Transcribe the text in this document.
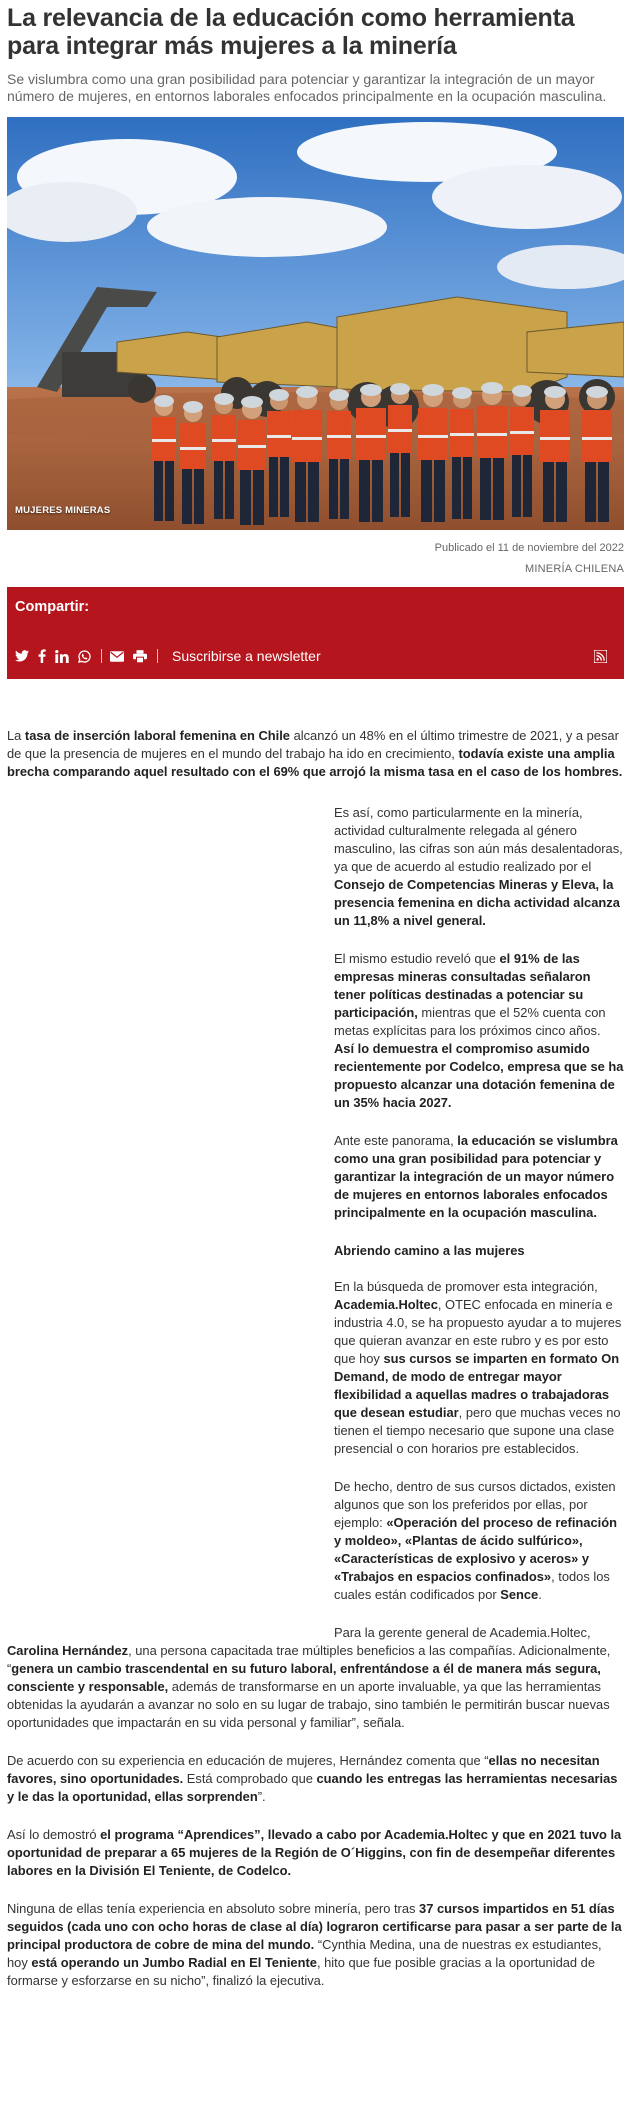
La relevancia de la educación como herramienta para integrar más mujeres a la minería

Se vislumbra como una gran posibilidad para potenciar y garantizar la integración de un mayor número de mujeres, en entornos laborales enfocados principalmente en la ocupación masculina.

MUJERES MINERAS
Publicado el 11 de noviembre del 2022
MINERÍA CHILENA
Compartir:
Suscribirse a newsletter

La tasa de inserción laboral femenina en Chile alcanzó un 48% en el último trimestre de 2021, y a pesar de que la presencia de mujeres en el mundo del trabajo ha ido en crecimiento, todavía existe una amplia brecha comparando aquel resultado con el 69% que arrojó la misma tasa en el caso de los hombres.

Es así, como particularmente en la minería, actividad culturalmente relegada al género masculino, las cifras son aún más desalentadoras, ya que de acuerdo al estudio realizado por el Consejo de Competencias Mineras y Eleva, la presencia femenina en dicha actividad alcanza un 11,8% a nivel general.

El mismo estudio reveló que el 91% de las empresas mineras consultadas señalaron tener políticas destinadas a potenciar su participación, mientras que el 52% cuenta con metas explícitas para los próximos cinco años. Así lo demuestra el compromiso asumido recientemente por Codelco, empresa que se ha propuesto alcanzar una dotación femenina de un 35% hacia 2027.

Ante este panorama, la educación se vislumbra como una gran posibilidad para potenciar y garantizar la integración de un mayor número de mujeres en entornos laborales enfocados principalmente en la ocupación masculina.

Abriendo camino a las mujeres

En la búsqueda de promover esta integración, Academia.Holtec, OTEC enfocada en minería e industria 4.0, se ha propuesto ayudar a to mujeres que quieran avanzar en este rubro y es por esto que hoy sus cursos se imparten en formato On Demand, de modo de entregar mayor flexibilidad a aquellas madres o trabajadoras que desean estudiar, pero que muchas veces no tienen el tiempo necesario que supone una clase presencial o con horarios pre establecidos.

De hecho, dentro de sus cursos dictados, existen algunos que son los preferidos por ellas, por ejemplo: «Operación del proceso de refinación y moldeo», «Plantas de ácido sulfúrico», «Características de explosivo y aceros» y «Trabajos en espacios confinados», todos los cuales están codificados por Sence.

Para la gerente general de Academia.Holtec, Carolina Hernández, una persona capacitada trae múltiples beneficios a las compañías. Adicionalmente, “genera un cambio trascendental en su futuro laboral, enfrentándose a él de manera más segura, consciente y responsable, además de transformarse en un aporte invaluable, ya que las herramientas obtenidas la ayudarán a avanzar no solo en su lugar de trabajo, sino también le permitirán buscar nuevas oportunidades que impactarán en su vida personal y familiar”, señala.

De acuerdo con su experiencia en educación de mujeres, Hernández comenta que “ellas no necesitan favores, sino oportunidades. Está comprobado que cuando les entregas las herramientas necesarias y le das la oportunidad, ellas sorprenden”.

Así lo demostró el programa “Aprendices”, llevado a cabo por Academia.Holtec y que en 2021 tuvo la oportunidad de preparar a 65 mujeres de la Región de O´Higgins, con fin de desempeñar diferentes labores en la División El Teniente, de Codelco.

Ninguna de ellas tenía experiencia en absoluto sobre minería, pero tras 37 cursos impartidos en 51 días seguidos (cada uno con ocho horas de clase al día) lograron certificarse para pasar a ser parte de la principal productora de cobre de mina del mundo. “Cynthia Medina, una de nuestras ex estudiantes, hoy está operando un Jumbo Radial en El Teniente, hito que fue posible gracias a la oportunidad de formarse y esforzarse en su nicho”, finalizó la ejecutiva.
